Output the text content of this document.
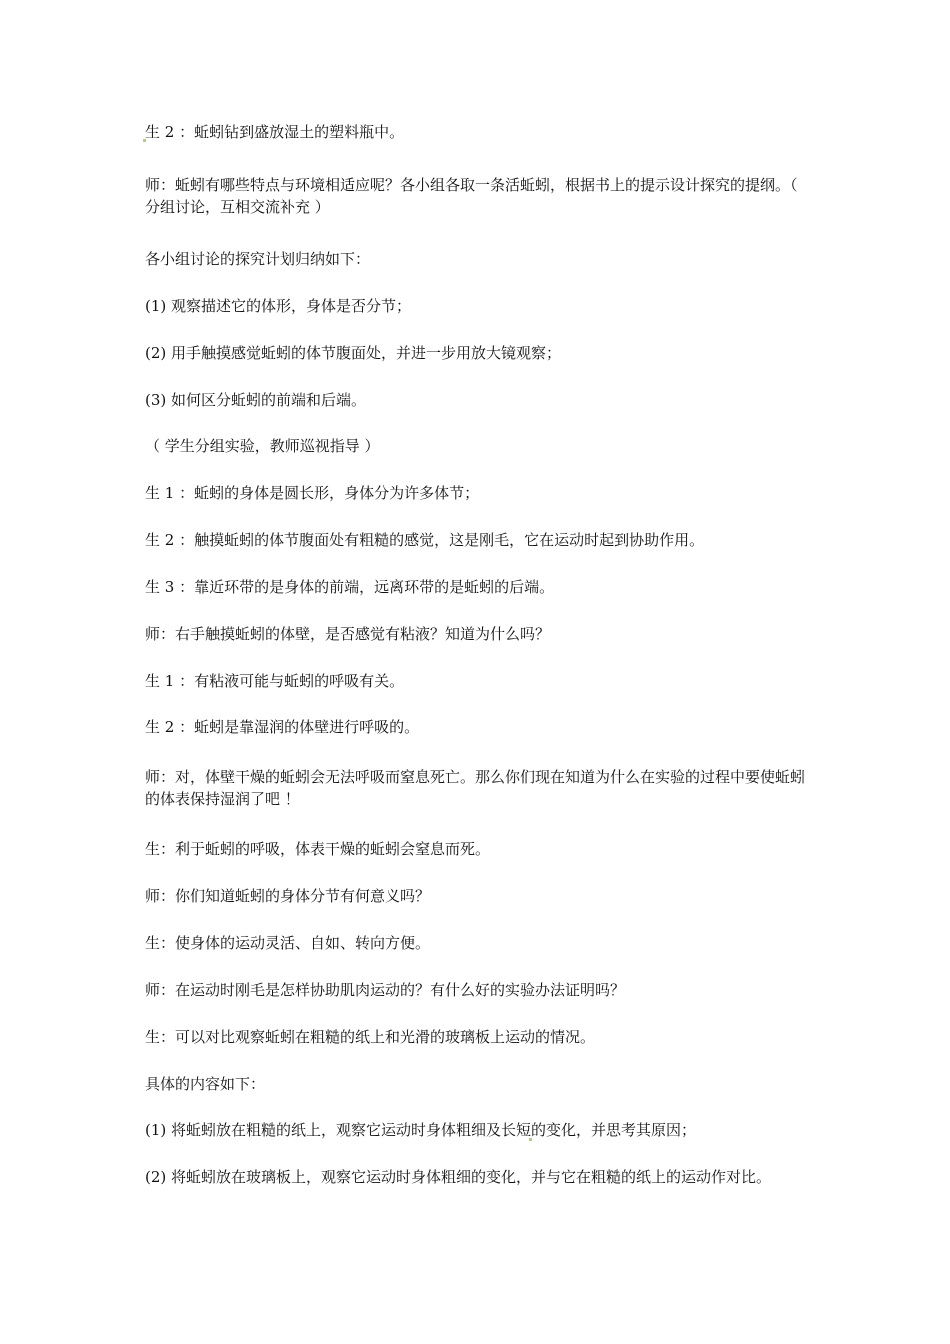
生 2 ：蚯蚓钻到盛放湿土的塑料瓶中。

师：蚯蚓有哪些特点与环境相适应呢？各小组各取一条活蚯蚓，根据书上的提示设计探究的提纲。（ 分组讨论，互相交流补充 ）

各小组讨论的探究计划归纳如下：

(1) 观察描述它的体形，身体是否分节；

(2) 用手触摸感觉蚯蚓的体节腹面处，并进一步用放大镜观察；

(3) 如何区分蚯蚓的前端和后端。

（ 学生分组实验，教师巡视指导 ）

生 1 ：蚯蚓的身体是圆长形，身体分为许多体节；

生 2 ：触摸蚯蚓的体节腹面处有粗糙的感觉，这是刚毛，它在运动时起到协助作用。

生 3 ：靠近环带的是身体的前端，远离环带的是蚯蚓的后端。

师：右手触摸蚯蚓的体壁，是否感觉有粘液？知道为什么吗？

生 1 ：有粘液可能与蚯蚓的呼吸有关。

生 2 ：蚯蚓是靠湿润的体壁进行呼吸的。

师：对，体壁干燥的蚯蚓会无法呼吸而窒息死亡。那么你们现在知道为什么在实验的过程中要使蚯蚓的体表保持湿润了吧 ！

生：利于蚯蚓的呼吸，体表干燥的蚯蚓会窒息而死。

师：你们知道蚯蚓的身体分节有何意义吗？

生：使身体的运动灵活、自如、转向方便。

师：在运动时刚毛是怎样协助肌肉运动的？有什么好的实验办法证明吗？

生：可以对比观察蚯蚓在粗糙的纸上和光滑的玻璃板上运动的情况。

具体的内容如下：

(1) 将蚯蚓放在粗糙的纸上，观察它运动时身体粗细及长短的变化，并思考其原因；

(2) 将蚯蚓放在玻璃板上，观察它运动时身体粗细的变化，并与它在粗糙的纸上的运动作对比。
